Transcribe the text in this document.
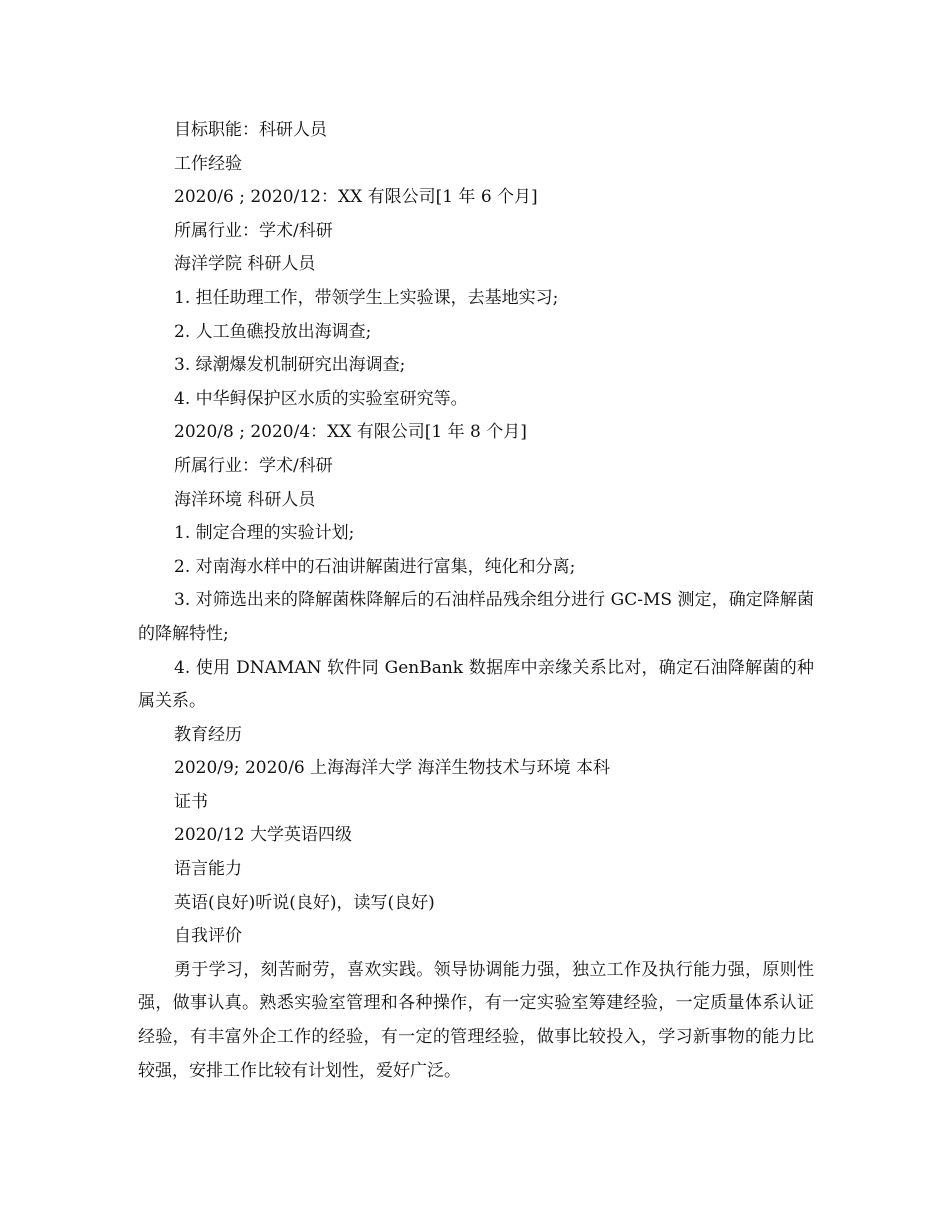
目标职能：科研人员

工作经验

2020/6 ; 2020/12：XX 有限公司[1 年 6 个月]

所属行业：学术/科研

海洋学院 科研人员

1. 担任助理工作，带领学生上实验课，去基地实习;

2. 人工鱼礁投放出海调查;

3. 绿潮爆发机制研究出海调查;

4. 中华鲟保护区水质的实验室研究等。

2020/8 ; 2020/4：XX 有限公司[1 年 8 个月]

所属行业：学术/科研

海洋环境 科研人员

1. 制定合理的实验计划;

2. 对南海水样中的石油讲解菌进行富集，纯化和分离;

3. 对筛选出来的降解菌株降解后的石油样品残余组分进行 GC-MS 测定，确定降解菌的降解特性;

4. 使用 DNAMAN 软件同 GenBank 数据库中亲缘关系比对，确定石油降解菌的种属关系。

教育经历

2020/9; 2020/6 上海海洋大学 海洋生物技术与环境 本科

证书

2020/12 大学英语四级

语言能力

英语(良好)听说(良好)，读写(良好)

自我评价

勇于学习，刻苦耐劳，喜欢实践。领导协调能力强，独立工作及执行能力强，原则性强，做事认真。熟悉实验室管理和各种操作，有一定实验室筹建经验，一定质量体系认证经验，有丰富外企工作的经验，有一定的管理经验，做事比较投入，学习新事物的能力比较强，安排工作比较有计划性，爱好广泛。
